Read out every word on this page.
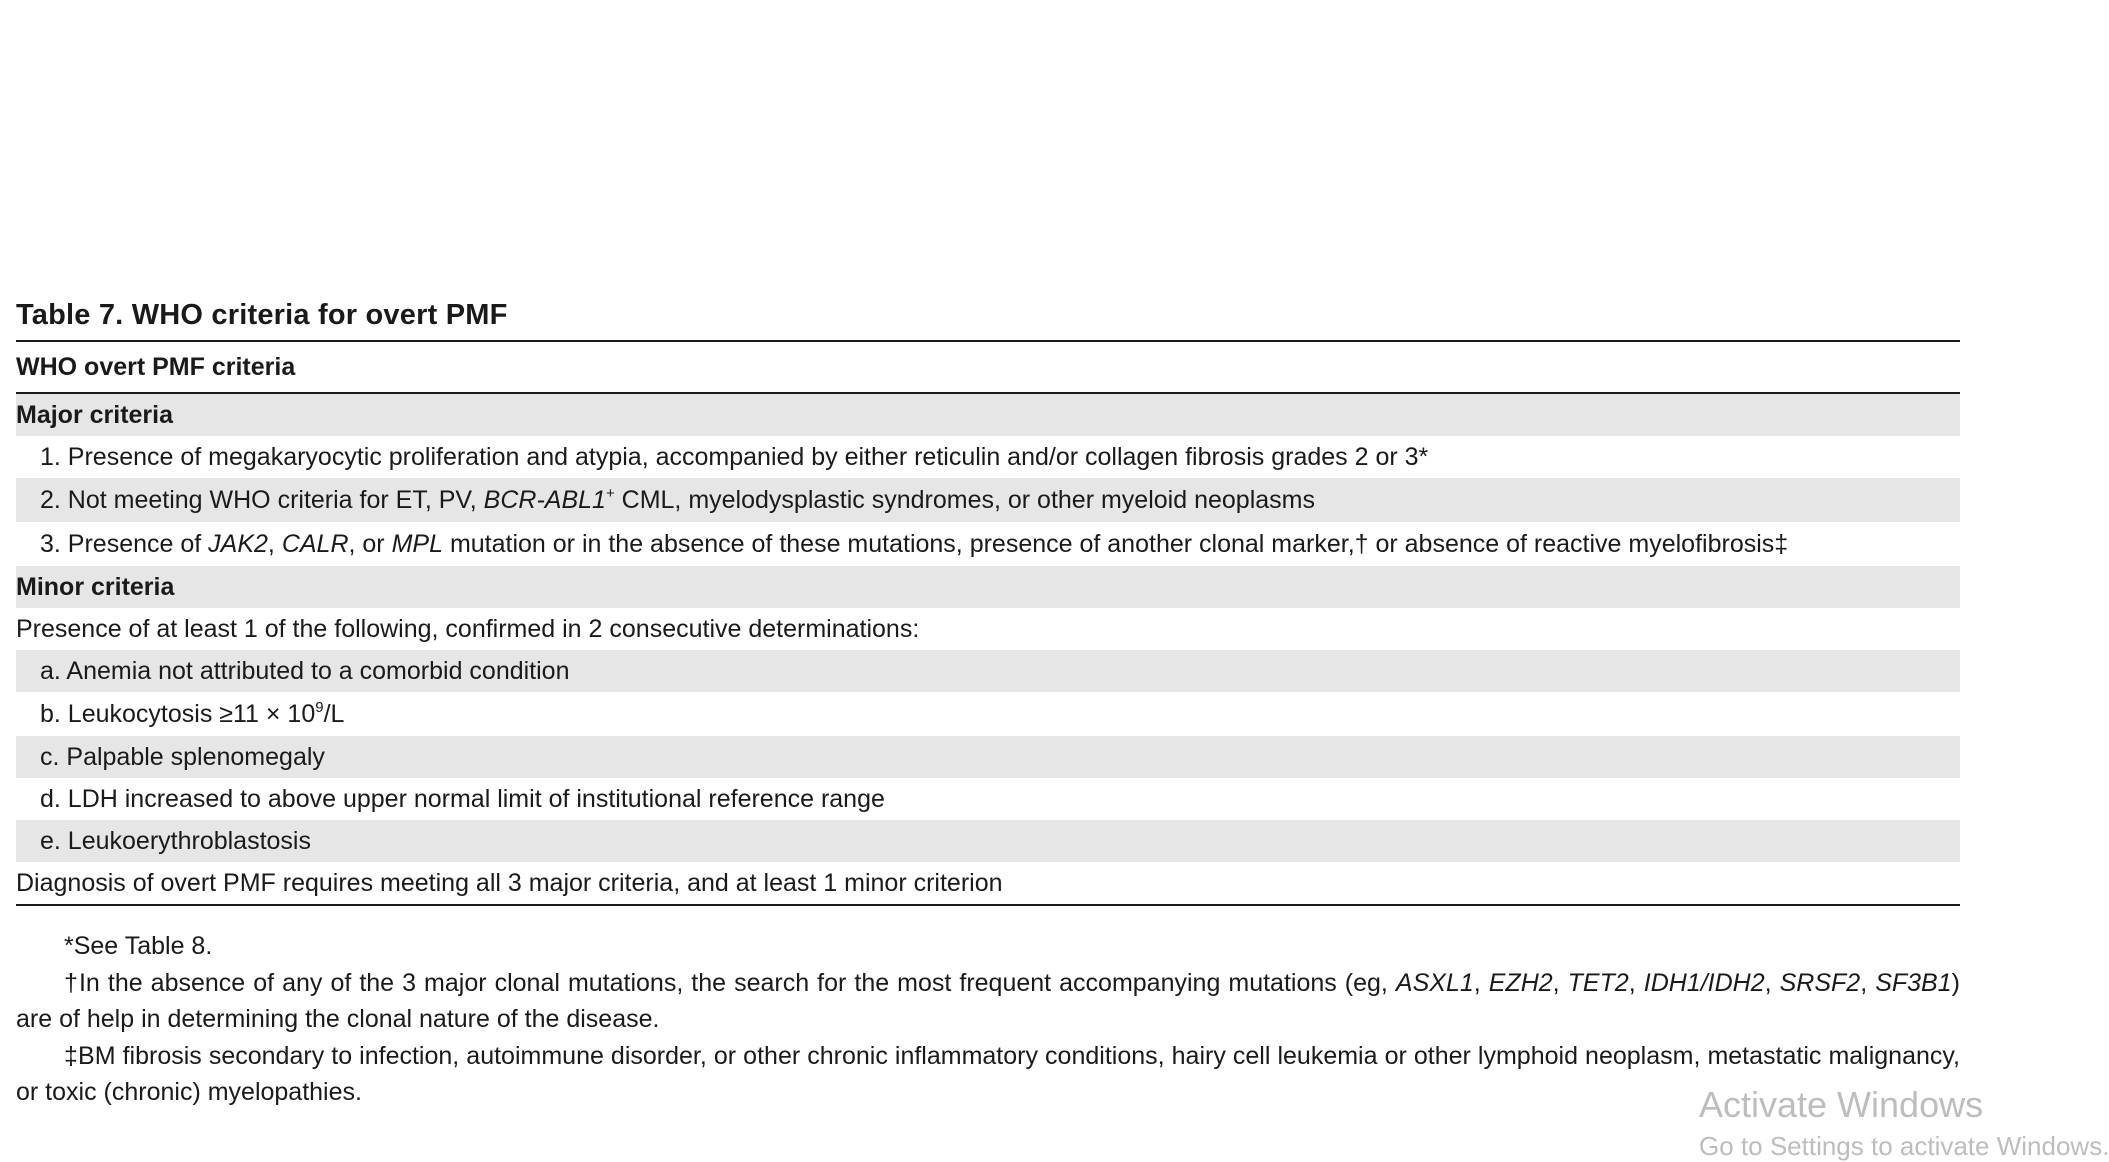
Table 7. WHO criteria for overt PMF
WHO overt PMF criteria
Major criteria
1. Presence of megakaryocytic proliferation and atypia, accompanied by either reticulin and/or collagen fibrosis grades 2 or 3*
2. Not meeting WHO criteria for ET, PV, BCR-ABL1+ CML, myelodysplastic syndromes, or other myeloid neoplasms
3. Presence of JAK2, CALR, or MPL mutation or in the absence of these mutations, presence of another clonal marker,† or absence of reactive myelofibrosis‡
Minor criteria
Presence of at least 1 of the following, confirmed in 2 consecutive determinations:
a. Anemia not attributed to a comorbid condition
b. Leukocytosis $\ge 11 \times 10^9/L$
c. Palpable splenomegaly
d. LDH increased to above upper normal limit of institutional reference range
e. Leukoerythroblastosis
Diagnosis of overt PMF requires meeting all 3 major criteria, and at least 1 minor criterion
*See Table 8.
†In the absence of any of the 3 major clonal mutations, the search for the most frequent accompanying mutations (eg, ASXL1, EZH2, TET2, IDH1/IDH2, SRSF2, SF3B1) are of help in determining the clonal nature of the disease.
‡BM fibrosis secondary to infection, autoimmune disorder, or other chronic inflammatory conditions, hairy cell leukemia or other lymphoid neoplasm, metastatic malignancy, or toxic (chronic) myelopathies.	Activate Windows
Go to Settings to activate Windows.
